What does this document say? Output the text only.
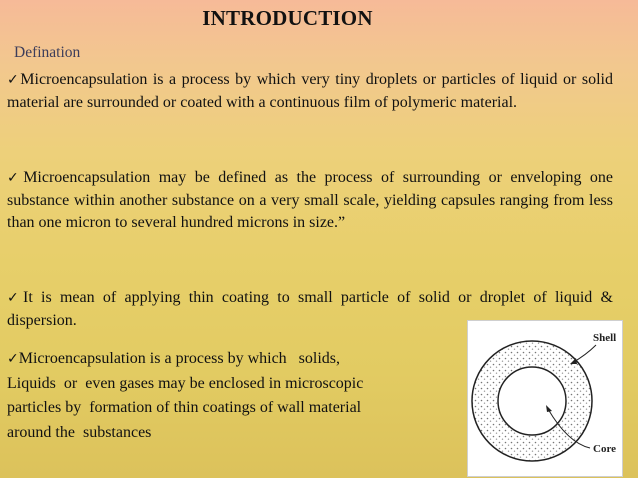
INTRODUCTION
Defination
✓Microencapsulation is a process by which very tiny droplets or particles of liquid or solid material are surrounded or coated with a continuous film of polymeric material.
✓Microencapsulation may be defined as the process of surrounding or enveloping one substance within another substance on a very small scale, yielding capsules ranging from less than one micron to several hundred microns in size.”
✓It is mean of applying thin coating to small particle of solid or droplet of liquid & dispersion.
✓Microencapsulation is a process by which   solids,
Liquids  or  even gases may be enclosed in microscopic
particles by  formation of thin coatings of wall material
around the  substances
Shell
Core
